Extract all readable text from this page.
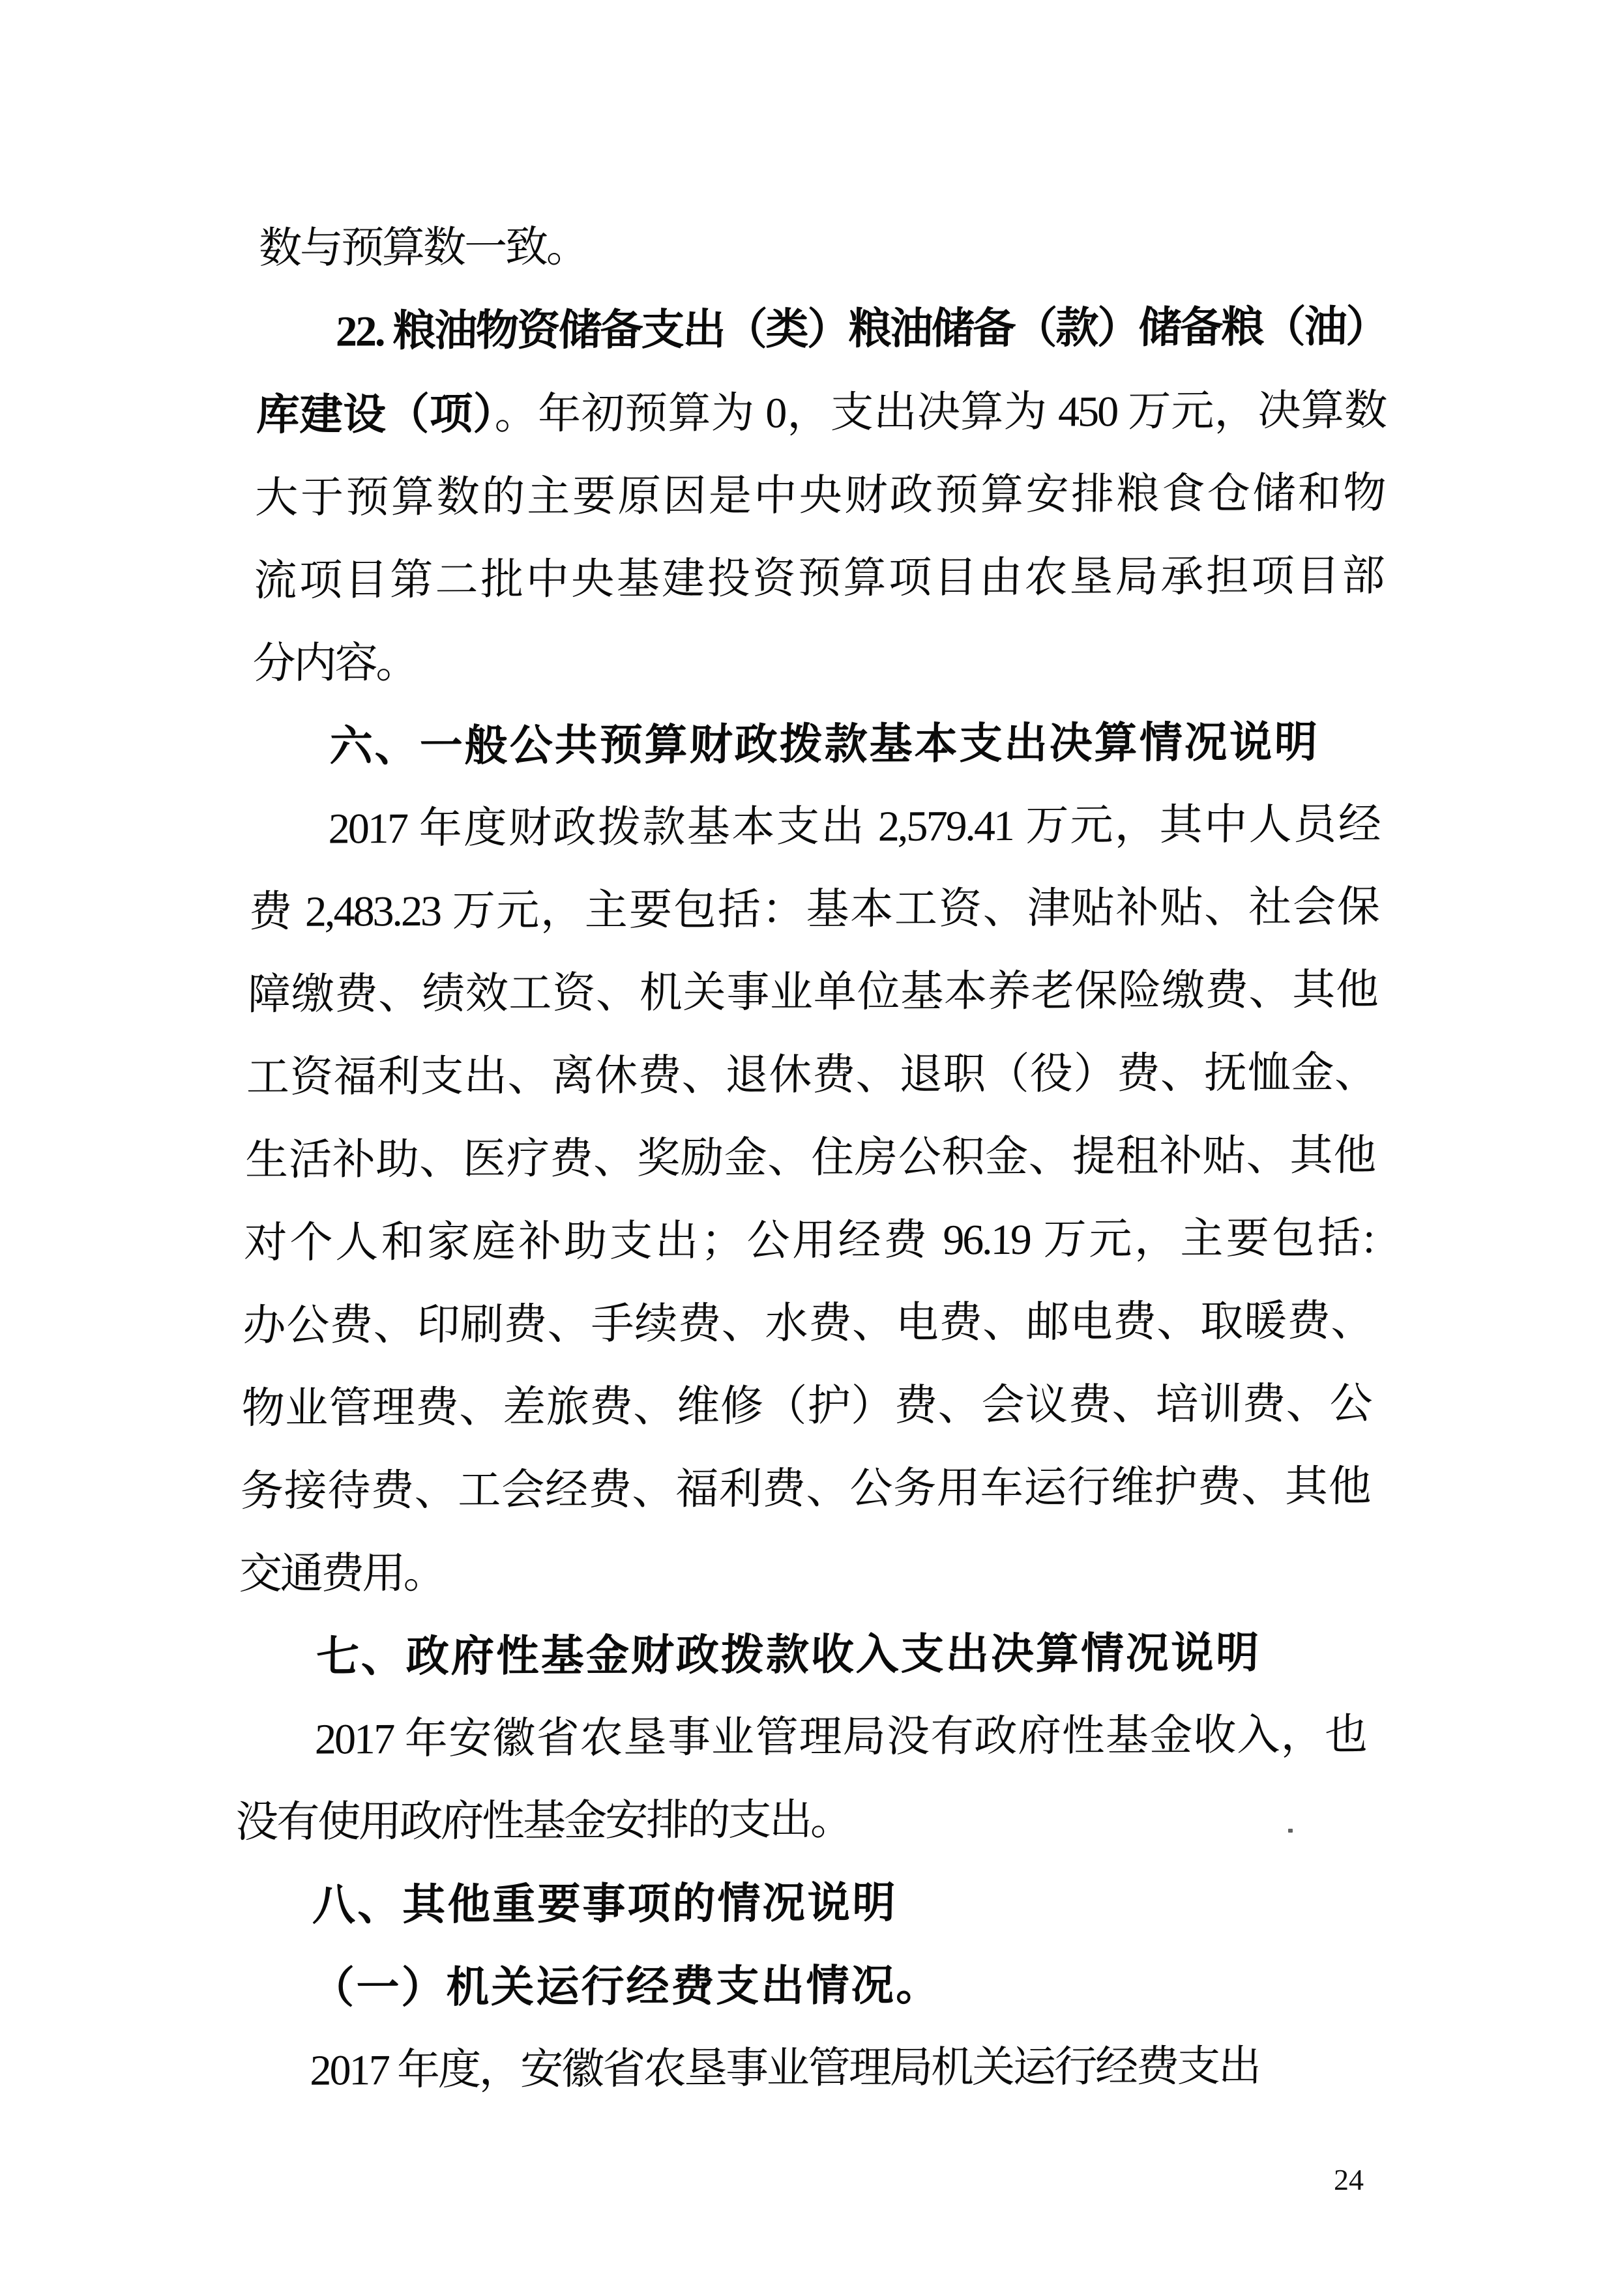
数与预算数一致。
22. 粮油物资储备支出（类）粮油储备（款）储备粮（油）
库建设（项）。年初预算为 0，支出决算为 450 万元，决算数
大于预算数的主要原因是中央财政预算安排粮食仓储和物
流项目第二批中央基建投资预算项目由农垦局承担项目部
分内容。
六、一般公共预算财政拨款基本支出决算情况说明
2017 年度财政拨款基本支出 2,579.41 万元，其中人员经
费 2,483.23 万元，主要包括：基本工资、津贴补贴、社会保
障缴费、绩效工资、机关事业单位基本养老保险缴费、其他
工资福利支出、离休费、退休费、退职（役）费、抚恤金、
生活补助、医疗费、奖励金、住房公积金、提租补贴、其他
对个人和家庭补助支出；公用经费 96.19 万元，主要包括:
办公费、印刷费、手续费、水费、电费、邮电费、取暖费、
物业管理费、差旅费、维修（护）费、会议费、培训费、公
务接待费、工会经费、福利费、公务用车运行维护费、其他
交通费用。
七、政府性基金财政拨款收入支出决算情况说明
2017 年安徽省农垦事业管理局没有政府性基金收入，也
没有使用政府性基金安排的支出。
八、其他重要事项的情况说明
（一）机关运行经费支出情况。
2017 年度，安徽省农垦事业管理局机关运行经费支出
24
